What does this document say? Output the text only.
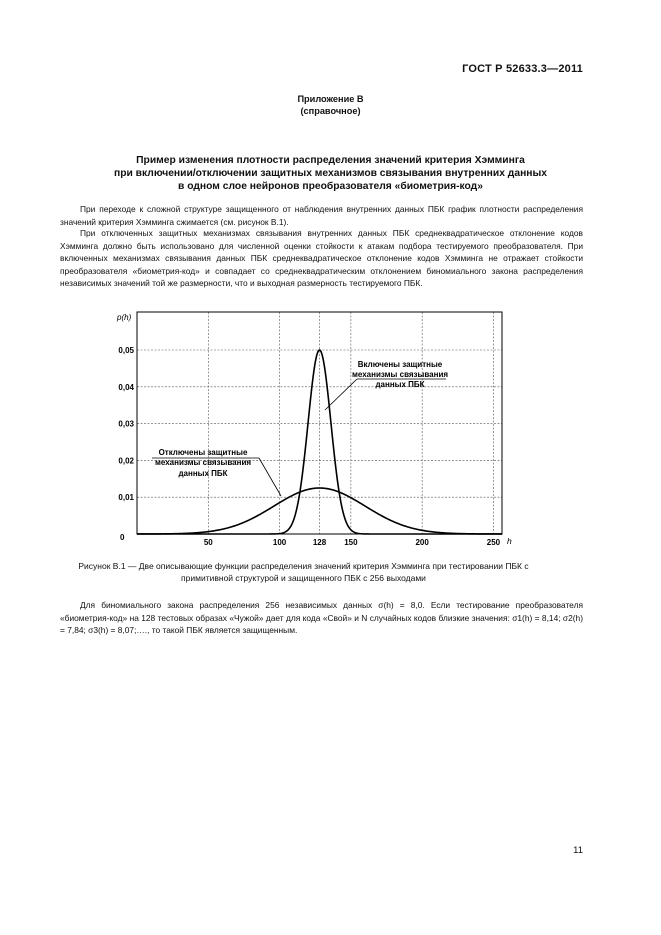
ГОСТ Р 52633.3—2011
Приложение В
(справочное)
Пример изменения плотности распределения значений критерия Хэмминга
при включении/отключении защитных механизмов связывания внутренних данных
в одном слое нейронов преобразователя «биометрия-код»

При переходе к сложной структуре защищенного от наблюдения внутренних данных ПБК график плотности распределения значений критерия Хэмминга сжимается (см. рисунок В.1).

При отключенных защитных механизмах связывания внутренних данных ПБК среднеквадратическое отклонение кодов Хэмминга должно быть использовано для численной оценки стойкости к атакам подбора тестируемого преобразователя. При включенных механизмах связывания данных ПБК среднеквадратическое отклонение кодов Хэмминга не отражает стойкости преобразователя «биометрия-код» и совпадает со среднеквадратическим отклонением биномиального закона распределения независимых значений той же размерности, что и выходная размерность тестируемого ПБК.

p(h)
h
0
50	100	128 150	200	250
0,01
0,02
0,03
0,04
0,05
Включены защитные
механизмы связывания
данных ПБК
Отключены защитные
механизмы связывания
данных ПБК
Рисунок В.1 — Две описывающие функции распределения значений критерия Хэмминга при тестировании ПБК с
примитивной структурой и защищенного ПБК с 256 выходами

Для биномиального закона распределения 256 независимых данных σ(h) = 8,0. Если тестирование преобразователя «биометрия-код» на 128 тестовых образах «Чужой» дает для кода «Свой» и N случайных кодов близкие значения: σ1(h) = 8,14; σ2(h) = 7,84; σ3(h) = 8,07;…., то такой ПБК является защищенным.

11
